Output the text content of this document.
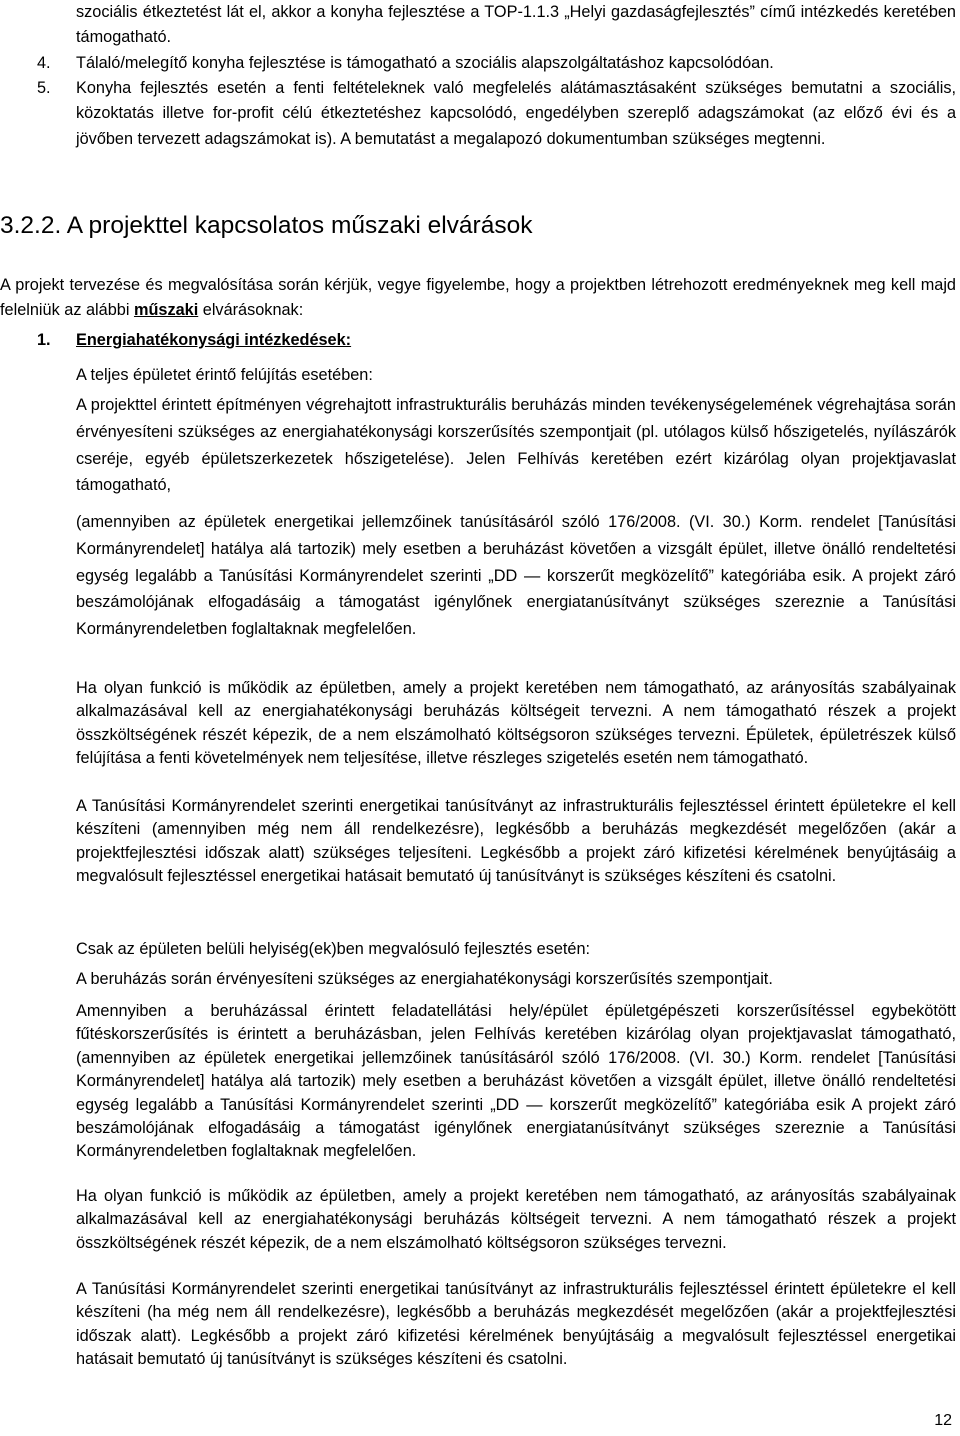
szociális étkeztetést lát el, akkor a konyha fejlesztése a TOP-1.1.3 „Helyi gazdaságfejlesztés” című intézkedés keretében támogatható.

4. Tálaló/melegítő konyha fejlesztése is támogatható a szociális alapszolgáltatáshoz kapcsolódóan.

5. Konyha fejlesztés esetén a fenti feltételeknek való megfelelés alátámasztásaként szükséges bemutatni a szociális, közoktatás illetve for-profit célú étkeztetéshez kapcsolódó, engedélyben szereplő adagszámokat (az előző évi és a jövőben tervezett adagszámokat is). A bemutatást a megalapozó dokumentumban szükséges megtenni.

3.2.2. A projekttel kapcsolatos műszaki elvárások

A projekt tervezése és megvalósítása során kérjük, vegye figyelembe, hogy a projektben létrehozott eredményeknek meg kell majd felelniük az alábbi műszaki elvárásoknak:

1. Energiahatékonysági intézkedések:

A teljes épületet érintő felújítás esetében:

A projekttel érintett építményen végrehajtott infrastrukturális beruházás minden tevékenységelemének végrehajtása során érvényesíteni szükséges az energiahatékonysági korszerűsítés szempontjait (pl. utólagos külső hőszigetelés, nyílászárók cseréje, egyéb épületszerkezetek hőszigetelése). Jelen Felhívás keretében ezért kizárólag olyan projektjavaslat támogatható,

(amennyiben az épületek energetikai jellemzőinek tanúsításáról szóló 176/2008. (VI. 30.) Korm. rendelet [Tanúsítási Kormányrendelet] hatálya alá tartozik) mely esetben a beruházást követően a vizsgált épület, illetve önálló rendeltetési egység legalább a Tanúsítási Kormányrendelet szerinti „DD — korszerűt megközelítő” kategóriába esik. A projekt záró beszámolójának elfogadásáig a támogatást igénylőnek energiatanúsítványt szükséges szereznie a Tanúsítási Kormányrendeletben foglaltaknak megfelelően.

Ha olyan funkció is működik az épületben, amely a projekt keretében nem támogatható, az arányosítás szabályainak alkalmazásával kell az energiahatékonysági beruházás költségeit tervezni. A nem támogatható részek a projekt összköltségének részét képezik, de a nem elszámolható költségsoron szükséges tervezni. Épületek, épületrészek külső felújítása a fenti követelmények nem teljesítése, illetve részleges szigetelés esetén nem támogatható.

A Tanúsítási Kormányrendelet szerinti energetikai tanúsítványt az infrastrukturális fejlesztéssel érintett épületekre el kell készíteni (amennyiben még nem áll rendelkezésre), legkésőbb a beruházás megkezdését megelőzően (akár a projektfejlesztési időszak alatt) szükséges teljesíteni. Legkésőbb a projekt záró kifizetési kérelmének benyújtásáig a megvalósult fejlesztéssel energetikai hatásait bemutató új tanúsítványt is szükséges készíteni és csatolni.

Csak az épületen belüli helyiség(ek)ben megvalósuló fejlesztés esetén:

A beruházás során érvényesíteni szükséges az energiahatékonysági korszerűsítés szempontjait.

Amennyiben a beruházással érintett feladatellátási hely/épület épületgépészeti korszerűsítéssel egybekötött fűtéskorszerűsítés is érintett a beruházásban, jelen Felhívás keretében kizárólag olyan projektjavaslat támogatható, (amennyiben az épületek energetikai jellemzőinek tanúsításáról szóló 176/2008. (VI. 30.) Korm. rendelet [Tanúsítási Kormányrendelet] hatálya alá tartozik) mely esetben a beruházást követően a vizsgált épület, illetve önálló rendeltetési egység legalább a Tanúsítási Kormányrendelet szerinti „DD — korszerűt megközelítő” kategóriába esik A projekt záró beszámolójának elfogadásáig a támogatást igénylőnek energiatanúsítványt szükséges szereznie a Tanúsítási Kormányrendeletben foglaltaknak megfelelően.

Ha olyan funkció is működik az épületben, amely a projekt keretében nem támogatható, az arányosítás szabályainak alkalmazásával kell az energiahatékonysági beruházás költségeit tervezni. A nem támogatható részek a projekt összköltségének részét képezik, de a nem elszámolható költségsoron szükséges tervezni.

A Tanúsítási Kormányrendelet szerinti energetikai tanúsítványt az infrastrukturális fejlesztéssel érintett épületekre el kell készíteni (ha még nem áll rendelkezésre), legkésőbb a beruházás megkezdését megelőzően (akár a projektfejlesztési időszak alatt). Legkésőbb a projekt záró kifizetési kérelmének benyújtásáig a megvalósult fejlesztéssel energetikai hatásait bemutató új tanúsítványt is szükséges készíteni és csatolni.

12
